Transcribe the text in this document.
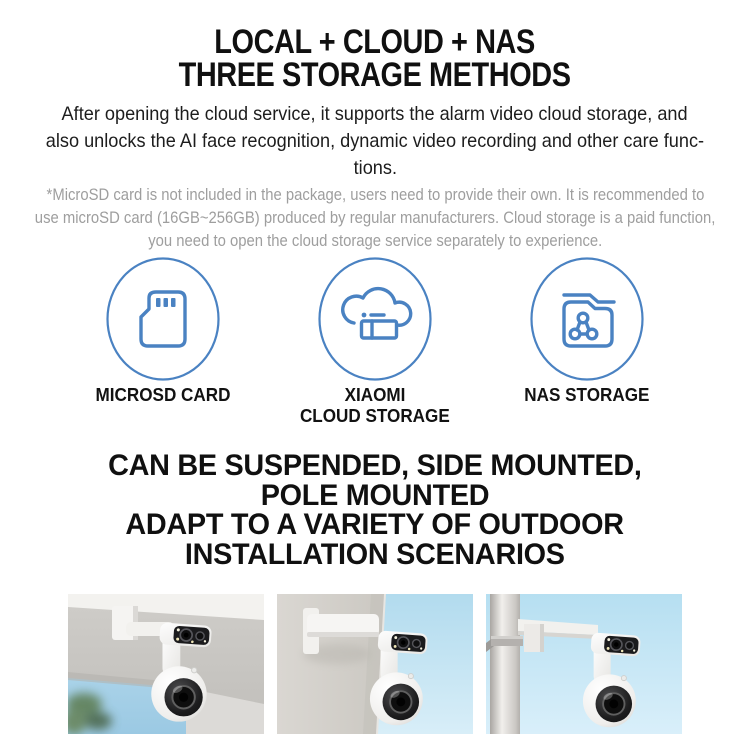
LOCAL + CLOUD + NAS
THREE STORAGE METHODS
After opening the cloud service, it supports the alarm video cloud storage, and
also unlocks the AI face recognition, dynamic video recording and other care func-
tions.
*MicroSD card is not included in the package, users need to provide their own. It is recommended to
use microSD card (16GB~256GB) produced by regular manufacturers. Cloud storage is a paid function,
you need to open the cloud storage service separately to experience.
MICROSD CARD	XIAOMI
CLOUD STORAGE
NAS STORAGE
CAN BE SUSPENDED, SIDE MOUNTED,
POLE MOUNTED
ADAPT TO A VARIETY OF OUTDOOR
INSTALLATION SCENARIOS
